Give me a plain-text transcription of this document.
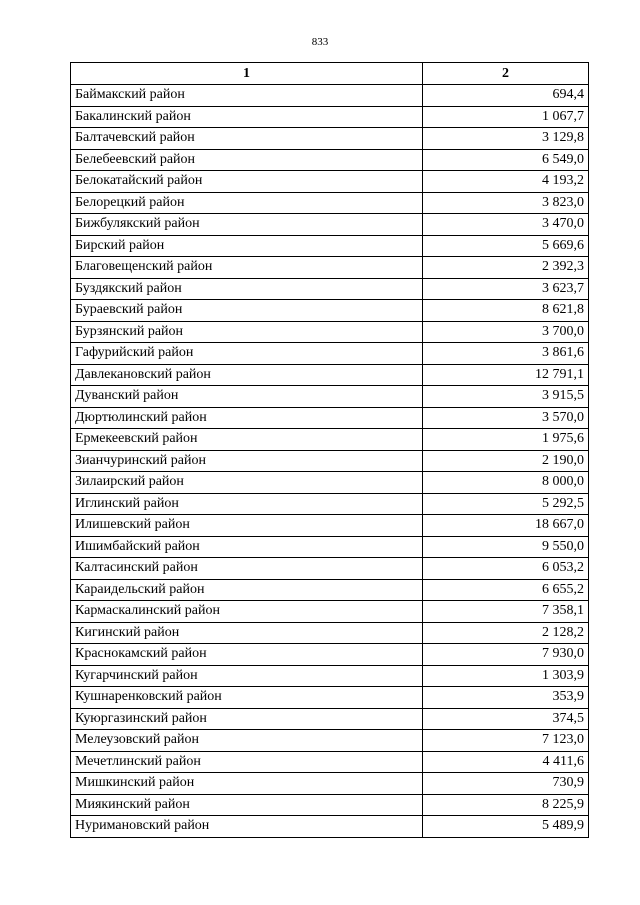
833
1	2
Баймакский район	694,4
Бакалинский район	1 067,7
Балтачевский район	3 129,8
Белебеевский район	6 549,0
Белокатайский район	4 193,2
Белорецкий район	3 823,0
Бижбулякский район	3 470,0
Бирский район	5 669,6
Благовещенский район	2 392,3
Буздякский район	3 623,7
Бураевский район	8 621,8
Бурзянский район	3 700,0
Гафурийский район	3 861,6
Давлекановский район	12 791,1
Дуванский район	3 915,5
Дюртюлинский район	3 570,0
Ермекеевский район	1 975,6
Зианчуринский район	2 190,0
Зилаирский район	8 000,0
Иглинский район	5 292,5
Илишевский район	18 667,0
Ишимбайский район	9 550,0
Калтасинский район	6 053,2
Караидельский район	6 655,2
Кармаскалинский район	7 358,1
Кигинский район	2 128,2
Краснокамский район	7 930,0
Кугарчинский район	1 303,9
Кушнаренковский район	353,9
Куюргазинский район	374,5
Мелеузовский район	7 123,0
Мечетлинский район	4 411,6
Мишкинский район	730,9
Миякинский район	8 225,9
Нуримановский район	5 489,9
